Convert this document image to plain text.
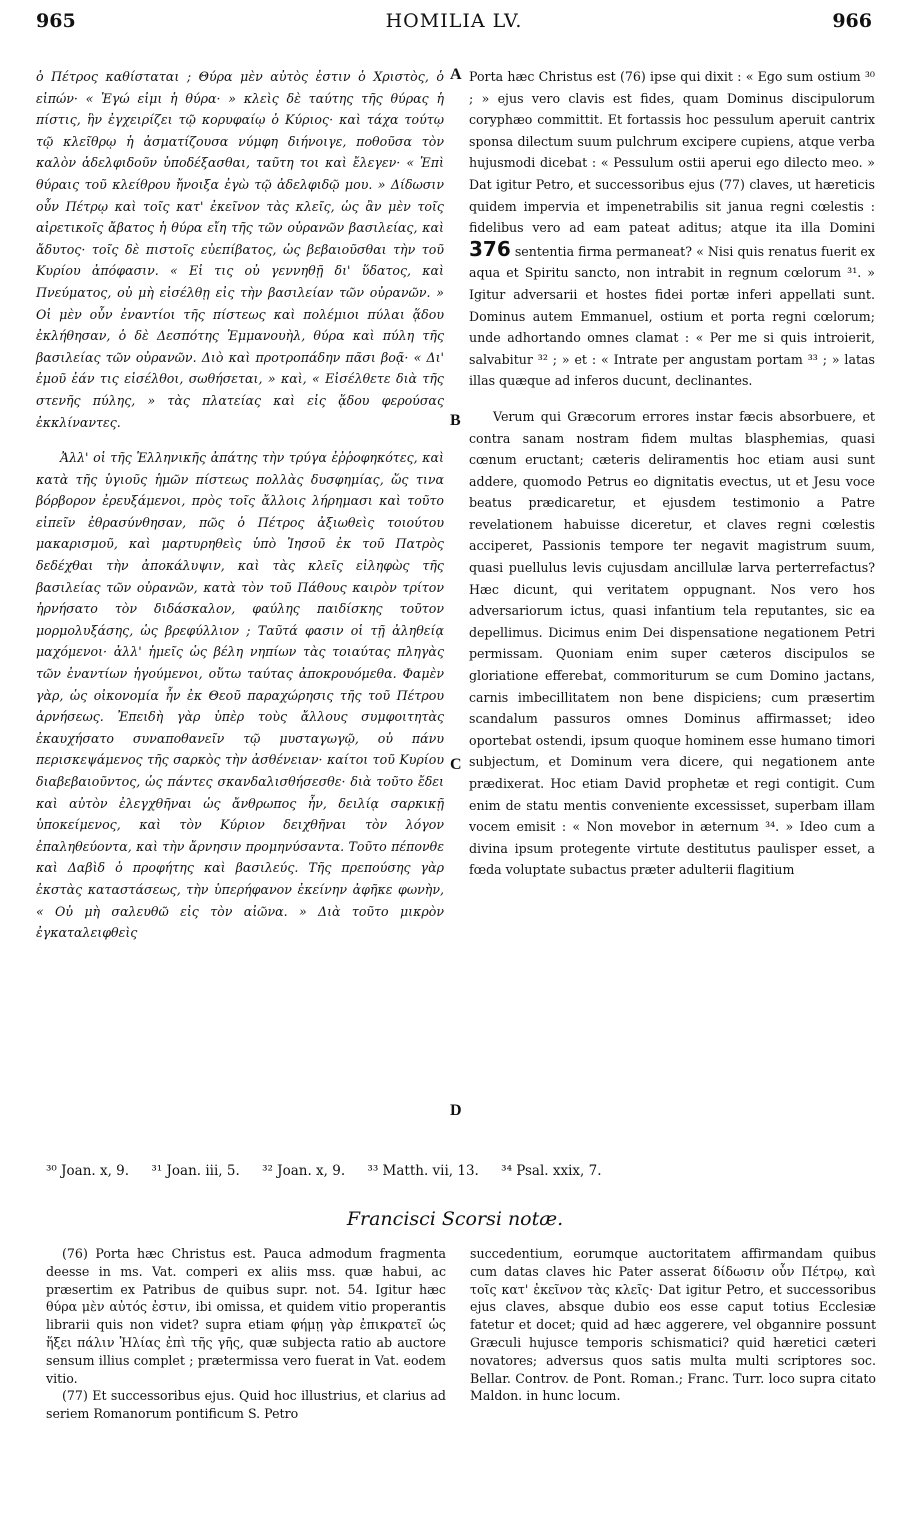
965	HOMILIA LV.	966

ὁ Πέτρος καθίσταται ; Θύρα μὲν αὐτὸς ἐστιν ὁ Χριστὸς, ὁ εἰπών· « Ἐγώ εἰμι ἡ θύρα· » κλεὶς δὲ ταύτης τῆς θύρας ἡ πίστις, ἣν ἐγχειρίζει τῷ κορυφαίῳ ὁ Κύριος· καὶ τάχα τούτῳ τῷ κλεῖθρῳ ἡ ἀσματίζουσα νύμφη διήνοιγε, ποθοῦσα τὸν καλὸν ἀδελφιδοῦν ὑποδέξασθαι, ταῦτη τοι καὶ ἔλεγεν· « Ἐπὶ θύραις τοῦ κλείθρου ἤνοιξα ἐγὼ τῷ ἀδελφιδῷ μου. » Δίδωσιν οὖν Πέτρῳ καὶ τοῖς κατ' ἐκεῖνον τὰς κλεῖς, ὡς ἂν μὲν τοῖς αἱρετικοῖς ἄβατος ἡ θύρα εἴη τῆς τῶν οὐρανῶν βασιλείας, καὶ ἄδυτος· τοῖς δὲ πιστοῖς εὐεπίβατος, ὡς βεβαιοῦσθαι τὴν τοῦ Κυρίου ἀπόφασιν. « Εἰ τις οὐ γεννηθῇ δι' ὕδατος, καὶ Πνεύματος, οὐ μὴ εἰσέλθῃ εἰς τὴν βασιλείαν τῶν οὐρανῶν. » Οἱ μὲν οὖν ἐναντίοι τῆς πίστεως καὶ πολέμιοι πύλαι ᾅδου ἐκλήθησαν, ὁ δὲ Δεσπότης Ἐμμανουὴλ, θύρα καὶ πύλη τῆς βασιλείας τῶν οὐρανῶν. Διὸ καὶ προτροπάδην πᾶσι βοᾷ· « Δι' ἐμοῦ ἐάν τις εἰσέλθοι, σωθήσεται, » καὶ, « Εἰσέλθετε διὰ τῆς στενῆς πύλης, » τὰς πλατείας καὶ εἰς ᾅδου φερούσας ἐκκλίναντες.

Ἀλλ' οἱ τῆς Ἑλληνικῆς ἀπάτης τὴν τρύγα ἐῤῥοφηκότες, καὶ κατὰ τῆς ὑγιοῦς ἡμῶν πίστεως πολλὰς δυσφημίας, ὥς τινα βόρβορον ἐρευξάμενοι, πρὸς τοῖς ἄλλοις λήρημασι καὶ τοῦτο εἰπεῖν ἐθρασύνθησαν, πῶς ὁ Πέτρος ἀξιωθεὶς τοιούτου μακαρισμοῦ, καὶ μαρτυρηθεὶς ὑπὸ Ἰησοῦ ἐκ τοῦ Πατρὸς δεδέχθαι τὴν ἀποκάλυψιν, καὶ τὰς κλεῖς εἰληφὼς τῆς βασιλείας τῶν οὐρανῶν, κατὰ τὸν τοῦ Πάθους καιρὸν τρίτον ἠρνήσατο τὸν διδάσκαλον, φαύλης παιδίσκης τοῦτον μορμολυξάσης, ὡς βρεφύλλιον ; Ταῦτά φασιν οἱ τῇ ἀληθείᾳ μαχόμενοι· ἀλλ' ἡμεῖς ὡς βέλη νηπίων τὰς τοιαύτας πληγὰς τῶν ἐναντίων ἡγούμενοι, οὕτω ταύτας ἀποκρουόμεθα. Φαμὲν γὰρ, ὡς οἰκονομία ἦν ἐκ Θεοῦ παραχώρησις τῆς τοῦ Πέτρου ἀρνήσεως. Ἐπειδὴ γὰρ ὑπὲρ τοὺς ἄλλους συμφοιτητὰς ἐκαυχήσατο συναποθανεῖν τῷ μυσταγωγῷ, οὐ πάνυ περισκεψάμενος τῆς σαρκὸς τὴν ἀσθένειαν· καίτοι τοῦ Κυρίου διαβεβαιοῦντος, ὡς πάντες σκανδαλισθήσεσθε· διὰ τοῦτο ἔδει καὶ αὐτὸν ἐλεγχθῆναι ὡς ἄνθρωπος ἦν, δειλίᾳ σαρκικῇ ὑποκείμενος, καὶ τὸν Κύριον δειχθῆναι τὸν λόγον ἐπαληθεύοντα, καὶ τὴν ἄρνησιν προμηνύσαντα. Τοῦτο πέπονθε καὶ Δαβὶδ ὁ προφήτης καὶ βασιλεύς. Τῆς πρεπούσης γὰρ ἐκστὰς καταστάσεως, τὴν ὑπερήφανον ἐκείνην ἀφῆκε φωνὴν, « Οὐ μὴ σαλευθῶ εἰς τὸν αἰῶνα. » Διὰ τοῦτο μικρὸν ἐγκαταλειφθεὶς

A
B
C
D

Porta hæc Christus est (76) ipse qui dixit : « Ego sum ostium ³⁰ ; » ejus vero clavis est fides, quam Dominus discipulorum coryphæo committit. Et fortassis hoc pessulum aperuit cantrix sponsa dilectum suum pulchrum excipere cupiens, atque verba hujusmodi dicebat : « Pessulum ostii aperui ego dilecto meo. » Dat igitur Petro, et successoribus ejus (77) claves, ut hæreticis quidem impervia et impenetrabilis sit janua regni cœlestis : fidelibus vero ad eam pateat aditus; atque ita illa Domini 376 sententia firma permaneat? « Nisi quis renatus fuerit ex aqua et Spiritu sancto, non intrabit in regnum cœlorum ³¹. » Igitur adversarii et hostes fidei portæ inferi appellati sunt. Dominus autem Emmanuel, ostium et porta regni cœlorum; unde adhortando omnes clamat : « Per me si quis introierit, salvabitur ³² ; » et : « Intrate per angustam portam ³³ ; » latas illas quæque ad inferos ducunt, declinantes.

Verum qui Græcorum errores instar fæcis absorbuere, et contra sanam nostram fidem multas blasphemias, quasi cœnum eructant; cæteris deliramentis hoc etiam ausi sunt addere, quomodo Petrus eo dignitatis evectus, ut et Jesu voce beatus prædicaretur, et ejusdem testimonio a Patre revelationem habuisse diceretur, et claves regni cœlestis acciperet, Passionis tempore ter negavit magistrum suum, quasi puellulus levis cujusdam ancillulæ larva perterrefactus? Hæc dicunt, qui veritatem oppugnant. Nos vero hos adversariorum ictus, quasi infantium tela reputantes, sic ea depellimus. Dicimus enim Dei dispensatione negationem Petri permissam. Quoniam enim super cæteros discipulos se gloriatione efferebat, commoriturum se cum Domino jactans, carnis imbecillitatem non bene dispiciens; cum præsertim scandalum passuros omnes Dominus affirmasset; ideo oportebat ostendi, ipsum quoque hominem esse humano timori subjectum, et Dominum vera dicere, qui negationem ante prædixerat. Hoc etiam David prophetæ et regi contigit. Cum enim de statu mentis conveniente excessisset, superbam illam vocem emisit : « Non movebor in æternum ³⁴. » Ideo cum a divina ipsum protegente virtute destitutus paulisper esset, a fœda voluptate subactus præter adulterii flagitium

³⁰ Joan. x, 9. ³¹ Joan. iii, 5. ³² Joan. x, 9. ³³ Matth. vii, 13. ³⁴ Psal. xxix, 7.
Francisci Scorsi notæ.

(76) Porta hæc Christus est. Pauca admodum fragmenta deesse in ms. Vat. comperi ex aliis mss. quæ habui, ac præsertim ex Patribus de quibus supr. not. 54. Igitur hæc θύρα μὲν αὐτός ἐστιν, ibi omissa, et quidem vitio properantis librarii quis non videt? supra etiam φήμῃ γὰρ ἐπικρατεῖ ὡς ἥξει πάλιν Ἠλίας ἐπὶ τῆς γῆς, quæ subjecta ratio ab auctore sensum illius complet ; prætermissa vero fuerat in Vat. eodem vitio.

(77) Et successoribus ejus. Quid hoc illustrius, et clarius ad seriem Romanorum pontificum S. Petro

succedentium, eorumque auctoritatem affirmandam quibus cum datas claves hic Pater asserat δίδωσιν οὖν Πέτρῳ, καὶ τοῖς κατ' ἐκεῖνον τὰς κλεῖς· Dat igitur Petro, et successoribus ejus claves, absque dubio eos esse caput totius Ecclesiæ fatetur et docet; quid ad hæc aggerere, vel obgannire possunt Græculi hujusce temporis schismatici? quid hæretici cæteri novatores; adversus quos satis multa multi scriptores soc. Bellar. Controv. de Pont. Roman.; Franc. Turr. loco supra citato Maldon. in hunc locum.
